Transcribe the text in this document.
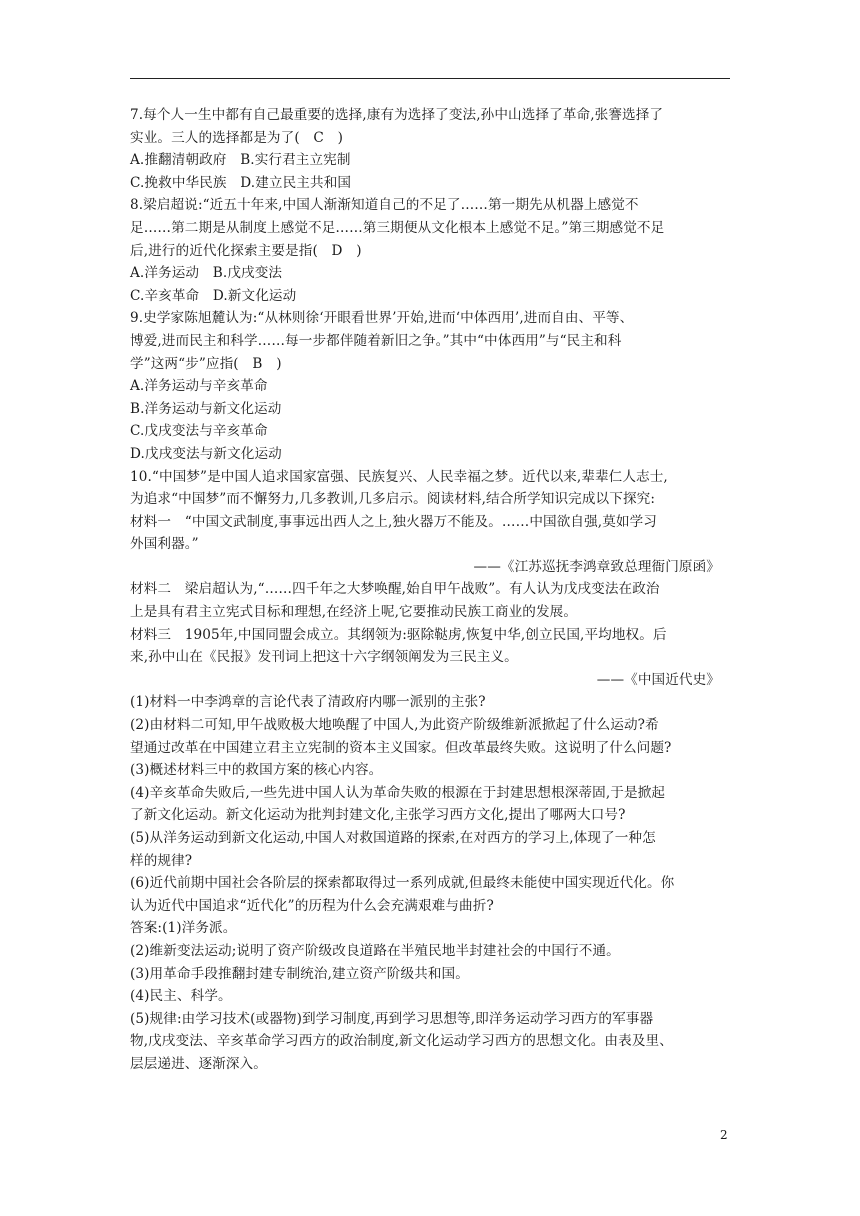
7.每个人一生中都有自己最重要的选择,康有为选择了变法,孙中山选择了革命,张謇选择了
实业。三人的选择都是为了(　C　)
A.推翻清朝政府　B.实行君主立宪制
C.挽救中华民族　D.建立民主共和国
8.梁启超说:“近五十年来,中国人渐渐知道自己的不足了……第一期先从机器上感觉不
足……第二期是从制度上感觉不足……第三期便从文化根本上感觉不足。”第三期感觉不足
后,进行的近代化探索主要是指(　D　)
A.洋务运动　B.戊戌变法
C.辛亥革命　D.新文化运动
9.史学家陈旭麓认为:“从林则徐‘开眼看世界’开始,进而‘中体西用’,进而自由、平等、
博爱,进而民主和科学……每一步都伴随着新旧之争。”其中“中体西用”与“民主和科
学”这两“步”应指(　B　)
A.洋务运动与辛亥革命
B.洋务运动与新文化运动
C.戊戌变法与辛亥革命
D.戊戌变法与新文化运动
10.“中国梦”是中国人追求国家富强、民族复兴、人民幸福之梦。近代以来,辈辈仁人志士,
为追求“中国梦”而不懈努力,几多教训,几多启示。阅读材料,结合所学知识完成以下探究:
材料一　“中国文武制度,事事远出西人之上,独火器万不能及。……中国欲自强,莫如学习
外国利器。”
——《江苏巡抚李鸿章致总理衙门原函》
材料二　梁启超认为,“……四千年之大梦唤醒,始自甲午战败”。有人认为戊戌变法在政治
上是具有君主立宪式目标和理想,在经济上呢,它要推动民族工商业的发展。
材料三　1905年,中国同盟会成立。其纲领为:驱除鞑虏,恢复中华,创立民国,平均地权。后
来,孙中山在《民报》发刊词上把这十六字纲领阐发为三民主义。
——《中国近代史》
(1)材料一中李鸿章的言论代表了清政府内哪一派别的主张?
(2)由材料二可知,甲午战败极大地唤醒了中国人,为此资产阶级维新派掀起了什么运动?希
望通过改革在中国建立君主立宪制的资本主义国家。但改革最终失败。这说明了什么问题?
(3)概述材料三中的救国方案的核心内容。
(4)辛亥革命失败后,一些先进中国人认为革命失败的根源在于封建思想根深蒂固,于是掀起
了新文化运动。新文化运动为批判封建文化,主张学习西方文化,提出了哪两大口号?
(5)从洋务运动到新文化运动,中国人对救国道路的探索,在对西方的学习上,体现了一种怎
样的规律?
(6)近代前期中国社会各阶层的探索都取得过一系列成就,但最终未能使中国实现近代化。你
认为近代中国追求“近代化”的历程为什么会充满艰难与曲折?
答案:(1)洋务派。
(2)维新变法运动;说明了资产阶级改良道路在半殖民地半封建社会的中国行不通。
(3)用革命手段推翻封建专制统治,建立资产阶级共和国。
(4)民主、科学。
(5)规律:由学习技术(或器物)到学习制度,再到学习思想等,即洋务运动学习西方的军事器
物,戊戌变法、辛亥革命学习西方的政治制度,新文化运动学习西方的思想文化。由表及里、
层层递进、逐渐深入。
2
